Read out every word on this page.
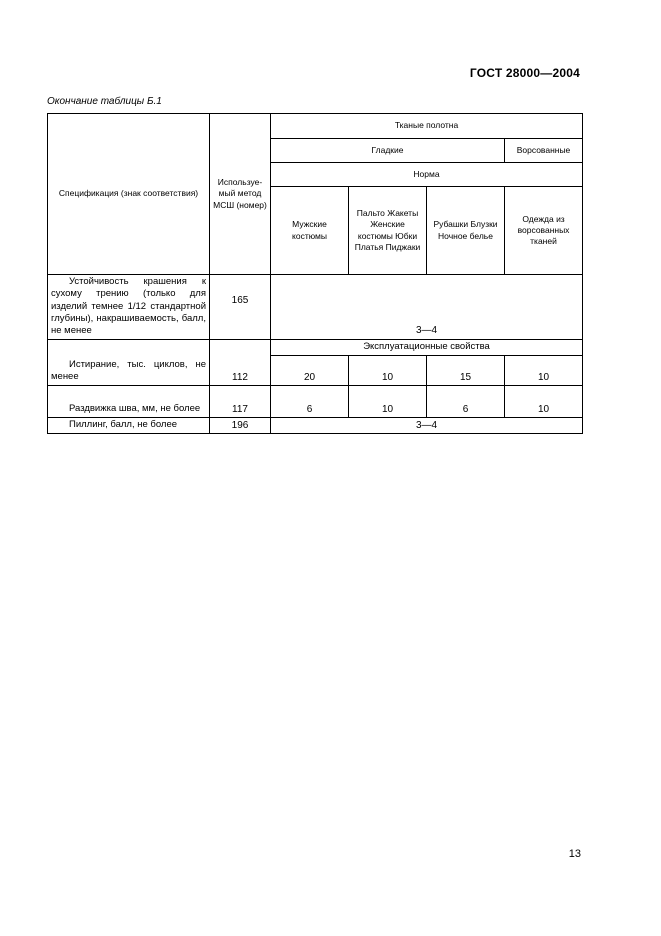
ГОСТ 28000—2004
Окончание таблицы Б.1
Спецификация (знак соответствия)	Используе-мый метод МСШ (номер)	Тканые полотна			
		Гладкие			Ворсованные
		Норма			
		Мужские костюмы	Пальто Жакеты Женские костюмы Юбки Платья Пиджаки	Рубашки Блузки Ночное белье	Одежда из ворсованных тканей
Устойчивость крашения к сухому трению (только для изделий темнее 1/12 стандартной глубины), накрашиваемость, балл, не менее	165	3—4			
Истирание, тыс. циклов, не менее	112	Эксплуатационные свойства			
		20	10	15	10
Раздвижка шва, мм, не более	117	6	10	6	10
Пиллинг, балл, не более	196	3—4			
13
